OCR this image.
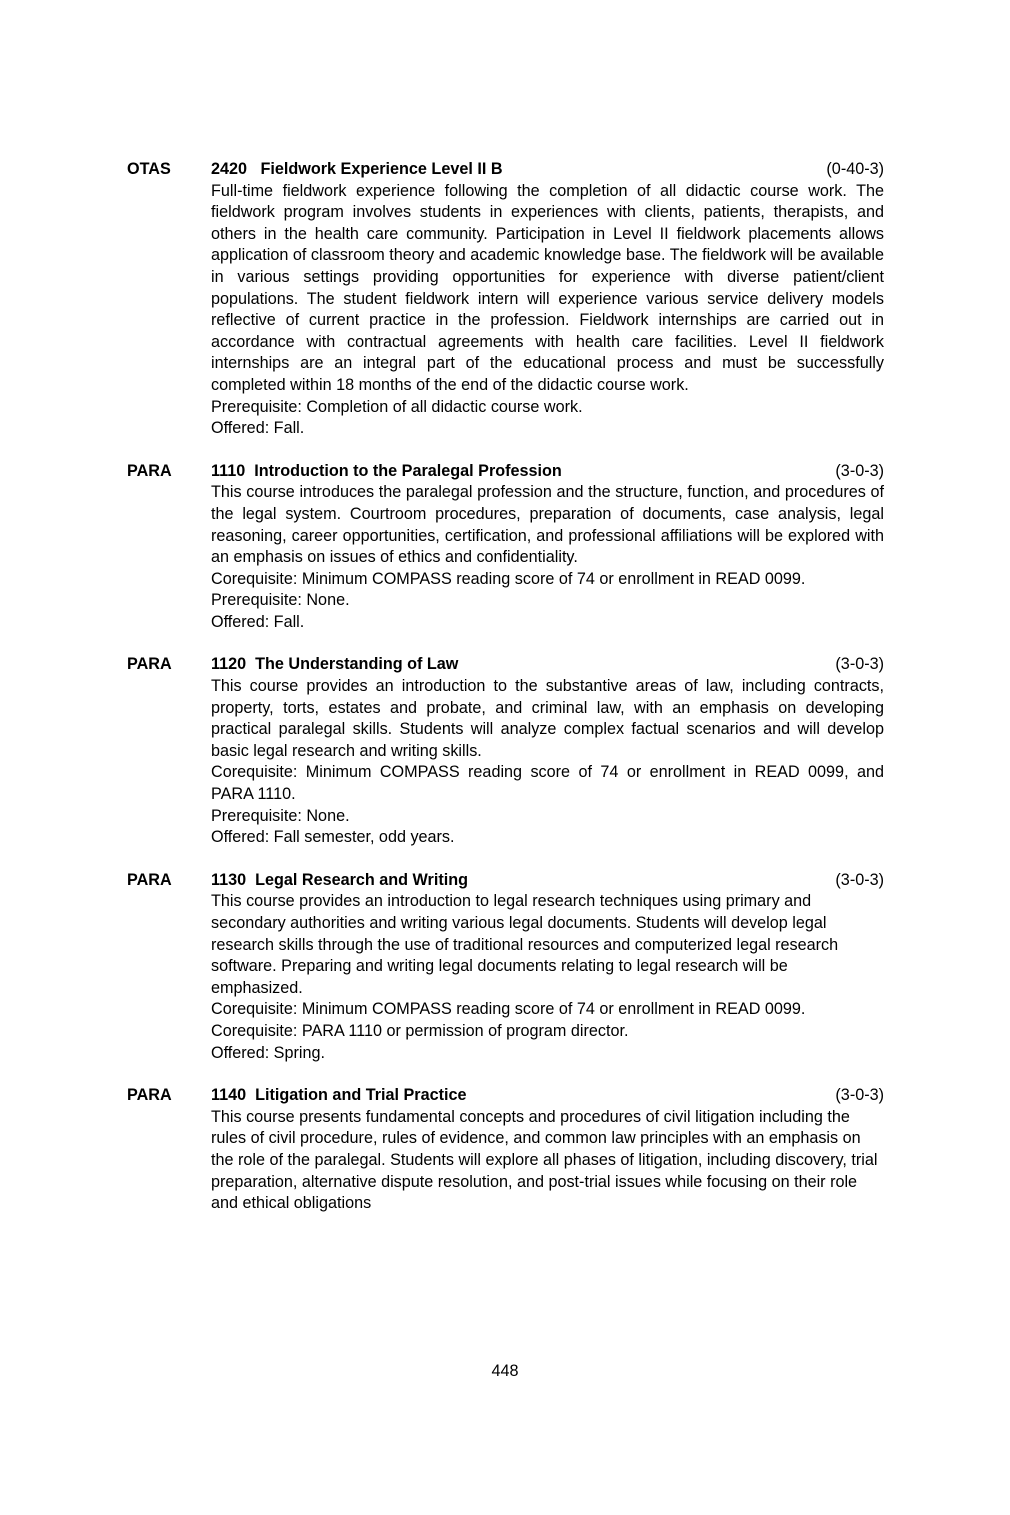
OTAS	2420   Fieldwork Experience Level II B	(0-40-3)

Full-time fieldwork experience following the completion of all didactic course work. The fieldwork program involves students in experiences with clients, patients, therapists, and others in the health care community. Participation in Level II fieldwork placements allows application of classroom theory and academic knowledge base. The fieldwork will be available in various settings providing opportunities for experience with diverse patient/client populations. The student fieldwork intern will experience various service delivery models reflective of current practice in the profession. Fieldwork internships are carried out in accordance with contractual agreements with health care facilities. Level II fieldwork internships are an integral part of the educational process and must be successfully completed within 18 months of the end of the didactic course work.

Prerequisite: Completion of all didactic course work.

Offered: Fall.

PARA	1110  Introduction to the Paralegal Profession	(3-0-3)

This course introduces the paralegal profession and the structure, function, and procedures of the legal system. Courtroom procedures, preparation of documents, case analysis, legal reasoning, career opportunities, certification, and professional affiliations will be explored with an emphasis on issues of ethics and confidentiality.

Corequisite: Minimum COMPASS reading score of 74 or enrollment in READ 0099.

Prerequisite: None.

Offered: Fall.

PARA	1120  The Understanding of Law	(3-0-3)

This course provides an introduction to the substantive areas of law, including contracts, property, torts, estates and probate, and criminal law, with an emphasis on developing practical paralegal skills. Students will analyze complex factual scenarios and will develop basic legal research and writing skills.

Corequisite: Minimum COMPASS reading score of 74 or enrollment in READ 0099, and PARA 1110.

Prerequisite: None.

Offered: Fall semester, odd years.

PARA	1130  Legal Research and Writing	(3-0-3)

This course provides an introduction to legal research techniques using primary and secondary authorities and writing various legal documents. Students will develop legal research skills through the use of traditional resources and computerized legal research software. Preparing and writing legal documents relating to legal research will be emphasized.

Corequisite: Minimum COMPASS reading score of 74 or enrollment in READ 0099.

Corequisite: PARA 1110 or permission of program director.

Offered: Spring.

PARA	1140  Litigation and Trial Practice	(3-0-3)

This course presents fundamental concepts and procedures of civil litigation including the rules of civil procedure, rules of evidence, and common law principles with an emphasis on the role of the paralegal. Students will explore all phases of litigation, including discovery, trial preparation, alternative dispute resolution, and post-trial issues while focusing on their role and ethical obligations

448
